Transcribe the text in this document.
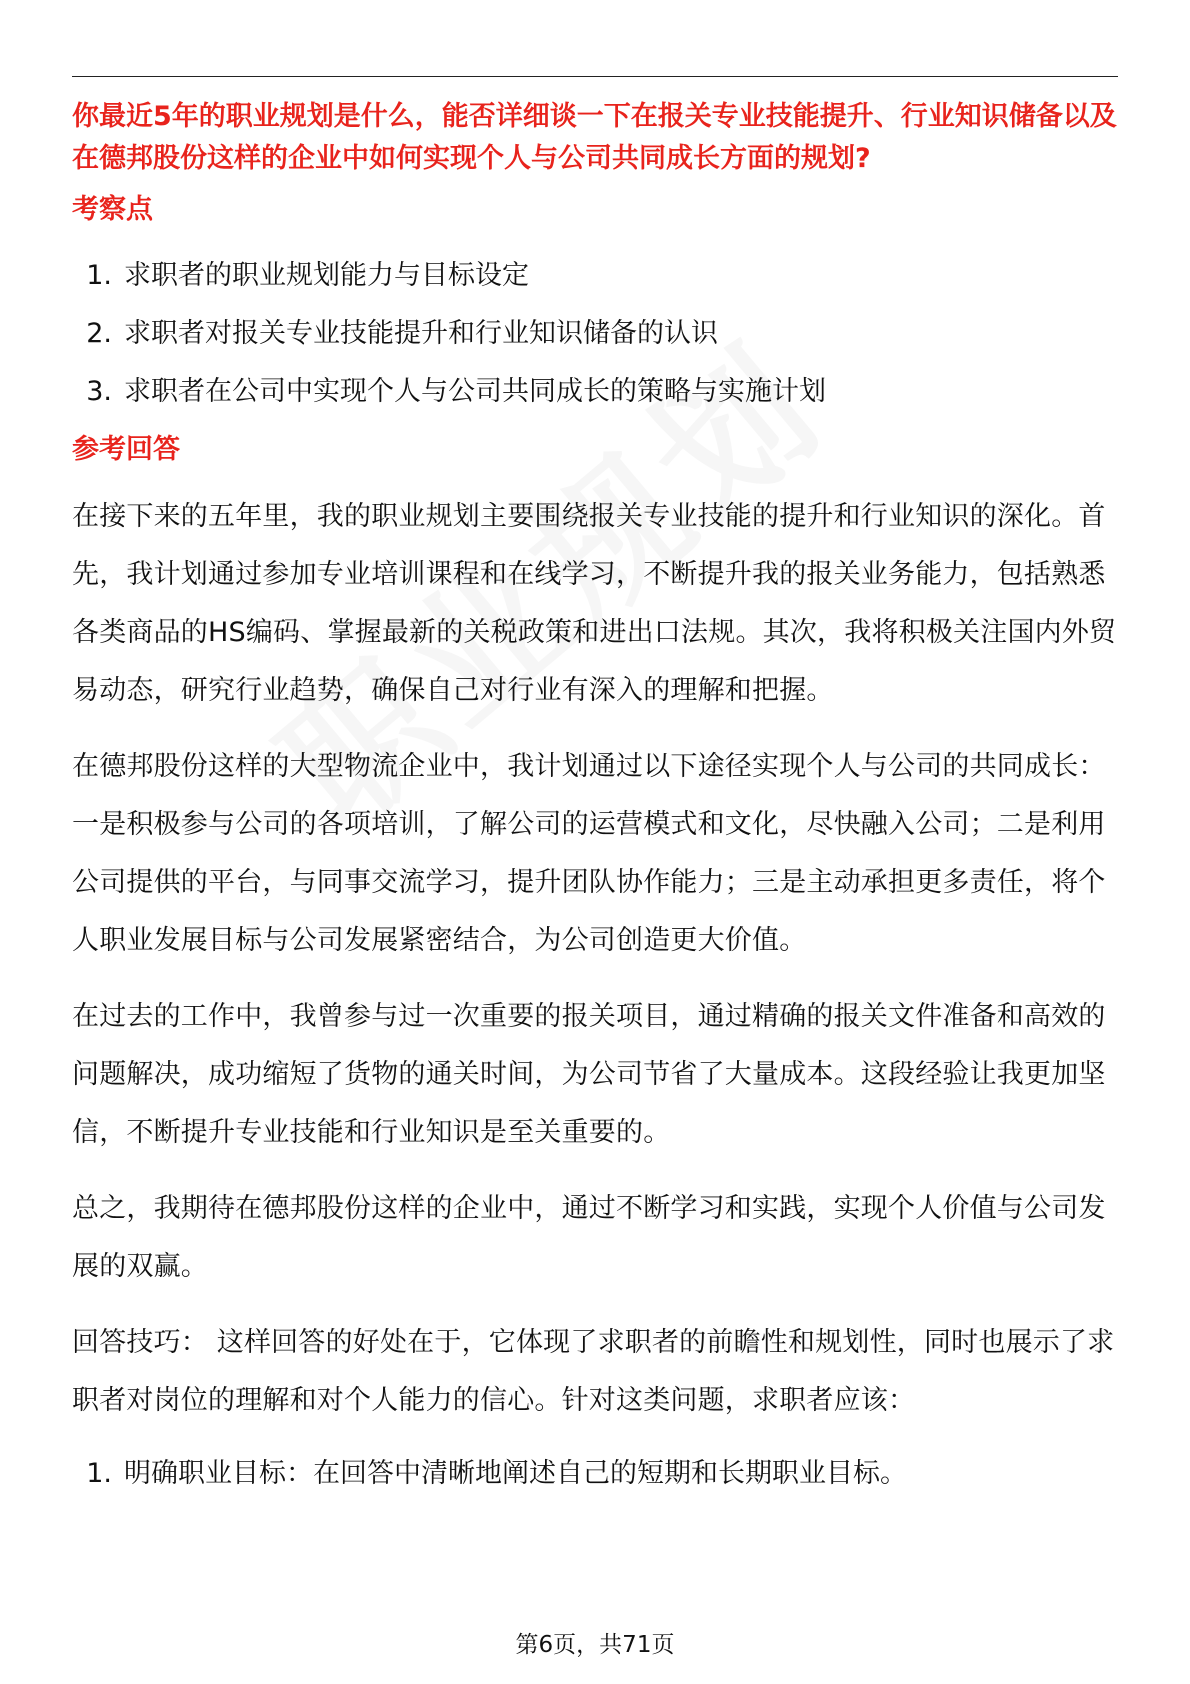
你最近5年的职业规划是什么，能否详细谈一下在报关专业技能提升、行业知识储备以及在德邦股份这样的企业中如何实现个人与公司共同成长方面的规划?

考察点

1. 求职者的职业规划能力与目标设定
2. 求职者对报关专业技能提升和行业知识储备的认识
3. 求职者在公司中实现个人与公司共同成长的策略与实施计划

参考回答

在接下来的五年里，我的职业规划主要围绕报关专业技能的提升和行业知识的深化。首先，我计划通过参加专业培训课程和在线学习，不断提升我的报关业务能力，包括熟悉各类商品的HS编码、掌握最新的关税政策和进出口法规。其次，我将积极关注国内外贸易动态，研究行业趋势，确保自己对行业有深入的理解和把握。

在德邦股份这样的大型物流企业中，我计划通过以下途径实现个人与公司的共同成长：一是积极参与公司的各项培训，了解公司的运营模式和文化，尽快融入公司；二是利用公司提供的平台，与同事交流学习，提升团队协作能力；三是主动承担更多责任，将个人职业发展目标与公司发展紧密结合，为公司创造更大价值。

在过去的工作中，我曾参与过一次重要的报关项目，通过精确的报关文件准备和高效的问题解决，成功缩短了货物的通关时间，为公司节省了大量成本。这段经验让我更加坚信，不断提升专业技能和行业知识是至关重要的。

总之，我期待在德邦股份这样的企业中，通过不断学习和实践，实现个人价值与公司发展的双赢。

回答技巧： 这样回答的好处在于，它体现了求职者的前瞻性和规划性，同时也展示了求职者对岗位的理解和对个人能力的信心。针对这类问题，求职者应该：

1. 明确职业目标：在回答中清晰地阐述自己的短期和长期职业目标。
第6页，共71页
